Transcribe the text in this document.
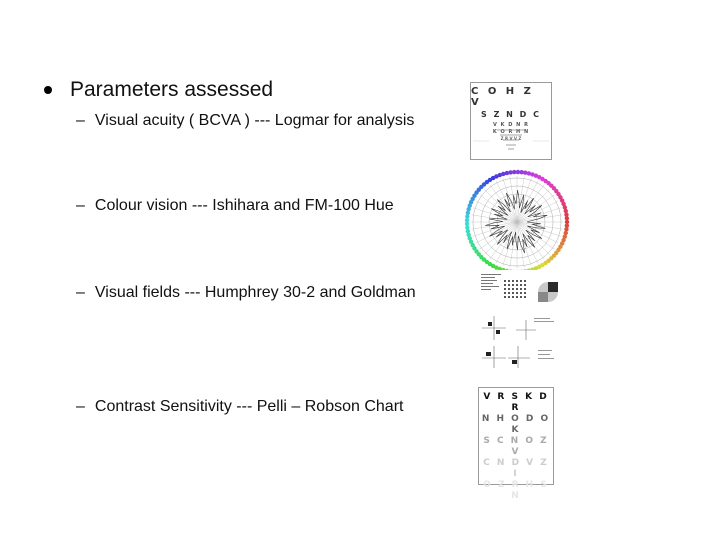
Parameters assessed
– Visual acuity ( BCVA ) --- Logmar for analysis
– Colour vision --- Ishihara and FM-100 Hue
– Visual fields --- Humphrey 30-2 and Goldman
– Contrast Sensitivity --- Pelli – Robson Chart
C O H Z V
S Z N D C
V K D N R
K O R H N
Z R V V Z
V R S K D R
N H O D O K
S C N O Z V
C N D V Z I
O Z R H S N
